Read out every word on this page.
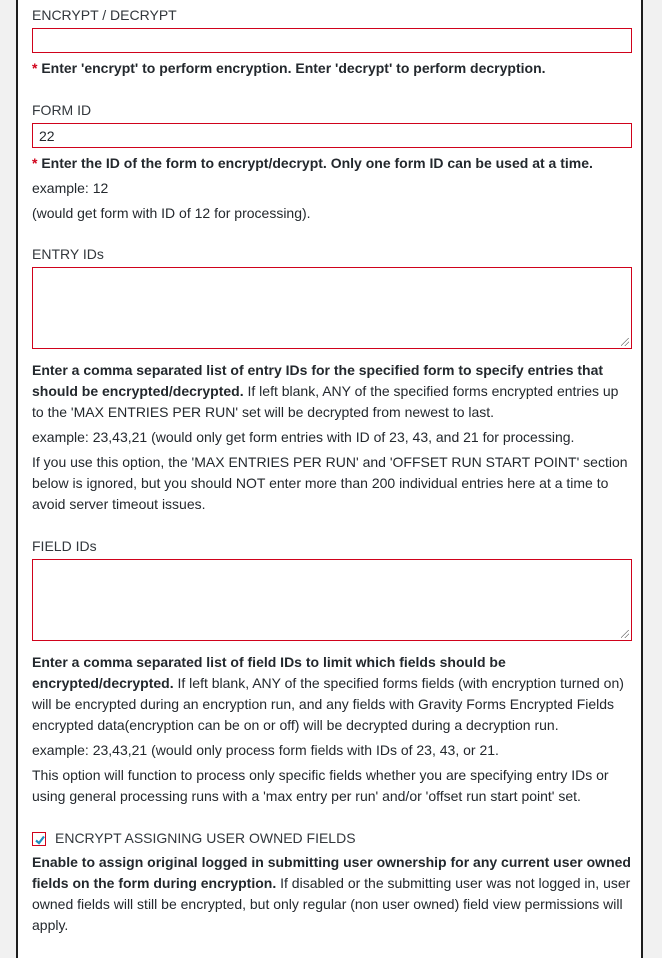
ENCRYPT / DECRYPT

* Enter 'encrypt' to perform encryption. Enter 'decrypt' to perform decryption.

FORM ID
22

* Enter the ID of the form to encrypt/decrypt. Only one form ID can be used at a time.

example: 12

(would get form with ID of 12 for processing).

ENTRY IDs

Enter a comma separated list of entry IDs for the specified form to specify entries that should be encrypted/decrypted. If left blank, ANY of the specified forms encrypted entries up to the 'MAX ENTRIES PER RUN' set will be decrypted from newest to last.

example: 23,43,21 (would only get form entries with ID of 23, 43, and 21 for processing.

If you use this option, the 'MAX ENTRIES PER RUN' and 'OFFSET RUN START POINT' section below is ignored, but you should NOT enter more than 200 individual entries here at a time to avoid server timeout issues.

FIELD IDs

Enter a comma separated list of field IDs to limit which fields should be encrypted/decrypted. If left blank, ANY of the specified forms fields (with encryption turned on) will be encrypted during an encryption run, and any fields with Gravity Forms Encrypted Fields encrypted data(encryption can be on or off) will be decrypted during a decryption run.

example: 23,43,21 (would only process form fields with IDs of 23, 43, or 21.

This option will function to process only specific fields whether you are specifying entry IDs or using general processing runs with a 'max entry per run' and/or 'offset run start point' set.

ENCRYPT ASSIGNING USER OWNED FIELDS

Enable to assign original logged in submitting user ownership for any current user owned fields on the form during encryption. If disabled or the submitting user was not logged in, user owned fields will still be encrypted, but only regular (non user owned) field view permissions will apply.
